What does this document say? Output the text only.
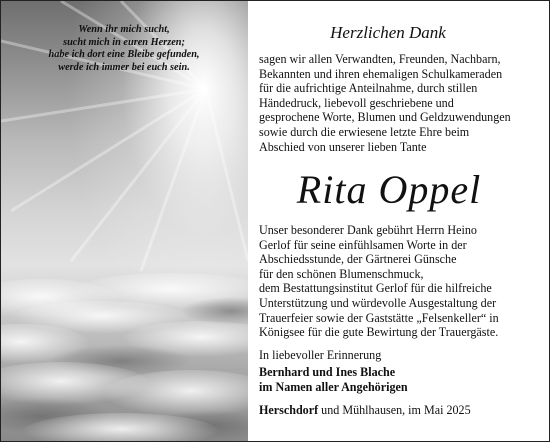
Wenn ihr mich sucht,
sucht mich in euren Herzen;
habe ich dort eine Bleibe gefunden,
werde ich immer bei euch sein.
Herzlichen Dank
sagen wir allen Verwandten, Freunden, Nachbarn,
Bekannten und ihren ehemaligen Schulkameraden
für die aufrichtige Anteilnahme, durch stillen
Händedruck, liebevoll geschriebene und
gesprochene Worte, Blumen und Geldzuwendungen
sowie durch die erwiesene letzte Ehre beim
Abschied von unserer lieben Tante
Rita Oppel
Unser besonderer Dank gebührt Herrn Heino
Gerlof für seine einfühlsamen Worte in der
Abschiedsstunde, der Gärtnerei Günsche
für den schönen Blumenschmuck,
dem Bestattungsinstitut Gerlof für die hilfreiche
Unterstützung und würdevolle Ausgestaltung der
Trauerfeier sowie der Gaststätte „Felsenkeller“ in
Königsee für die gute Bewirtung der Trauergäste.
In liebevoller Erinnerung
Bernhard und Ines Blache
im Namen aller Angehörigen
Herschdorf und Mühlhausen, im Mai 2025
